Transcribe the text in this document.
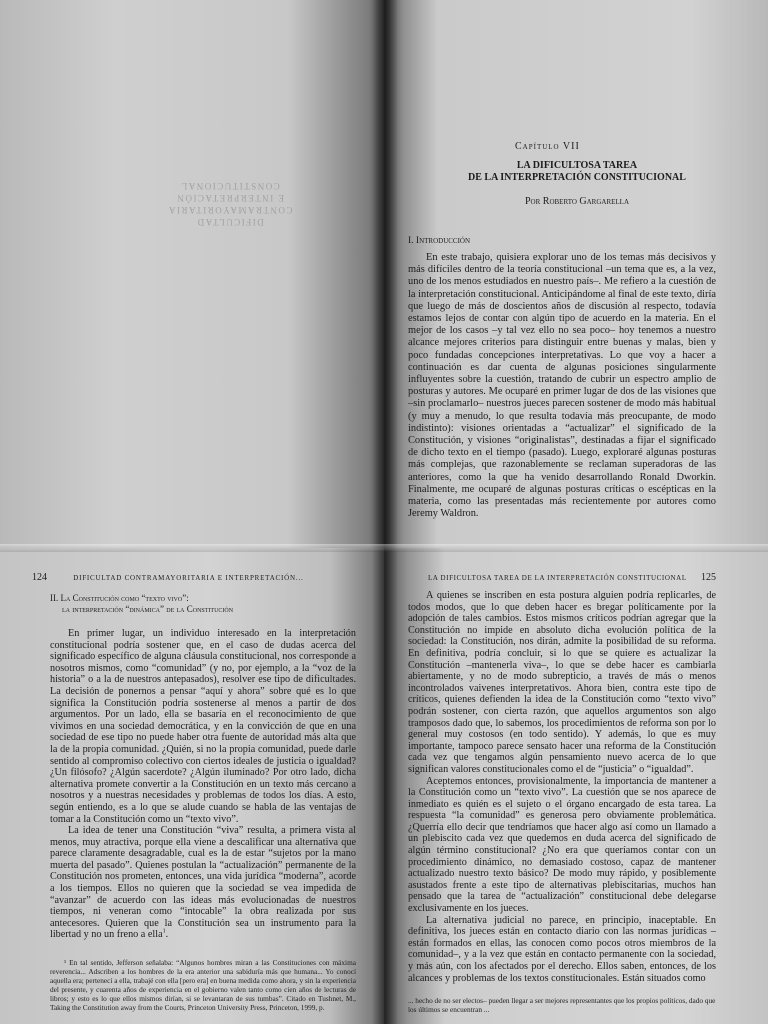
DIFICULTAD
CONTRAMAYORITARIA
E INTERPRETACIÓN CONSTITUCIONAL
Capítulo VII
LA DIFICULTOSA TAREA
DE LA INTERPRETACIÓN CONSTITUCIONAL
Por Roberto Gargarella
I. Introducción

En este trabajo, quisiera explorar uno de los temas más decisivos y más difíciles dentro de la teoría constitucional –un tema que es, a la vez, uno de los menos estudiados en nuestro país–. Me refiero a la cuestión de la interpretación constitucional. Anticipándome al final de este texto, diría que luego de más de doscientos años de discusión al respecto, todavía estamos lejos de contar con algún tipo de acuerdo en la materia. En el mejor de los casos –y tal vez ello no sea poco– hoy tenemos a nuestro alcance mejores criterios para distinguir entre buenas y malas, bien y poco fundadas concepciones interpretativas. Lo que voy a hacer a continuación es dar cuenta de algunas posiciones singularmente influyentes sobre la cuestión, tratando de cubrir un espectro amplio de posturas y autores. Me ocuparé en primer lugar de dos de las visiones que –sin proclamarlo– nuestros jueces parecen sostener de modo más habitual (y muy a menudo, lo que resulta todavía más preocupante, de modo indistinto): visiones orientadas a “actualizar” el significado de la Constitución, y visiones “originalistas”, destinadas a fijar el significado de dicho texto en el tiempo (pasado). Luego, exploraré algunas posturas más complejas, que razonablemente se reclaman superadoras de las anteriores, como la que ha venido desarrollando Ronald Dworkin. Finalmente, me ocuparé de algunas posturas críticas o escépticas en la materia, como las presentadas más recientemente por autores como Jeremy Waldron.

124	DIFICULTAD CONTRAMAYORITARIA E INTERPRETACIÓN...
II. La Constitución como “texto vivo”:
la interpretación “dinámica” de la Constitución

En primer lugar, un individuo interesado en la interpretación constitucional podría sostener que, en el caso de dudas acerca del significado específico de alguna cláusula constitucional, nos corresponde a nosotros mismos, como “comunidad” (y no, por ejemplo, a la “voz de la historia” o a la de nuestros antepasados), resolver ese tipo de dificultades. La decisión de ponernos a pensar “aquí y ahora” sobre qué es lo que significa la Constitución podría sostenerse al menos a partir de dos argumentos. Por un lado, ella se basaría en el reconocimiento de que vivimos en una sociedad democrática, y en la convicción de que en una sociedad de ese tipo no puede haber otra fuente de autoridad más alta que la de la propia comunidad. ¿Quién, si no la propia comunidad, puede darle sentido al compromiso colectivo con ciertos ideales de justicia o igualdad? ¿Un filósofo? ¿Algún sacerdote? ¿Algún iluminado? Por otro lado, dicha alternativa promete convertir a la Constitución en un texto más cercano a nosotros y a nuestras necesidades y problemas de todos los días. A esto, según entiendo, es a lo que se alude cuando se habla de las ventajas de tomar a la Constitución como un “texto vivo”.

La idea de tener una Constitución “viva” resulta, a primera vista al menos, muy atractiva, porque ella viene a descalificar una alternativa que parece claramente desagradable, cual es la de estar “sujetos por la mano muerta del pasado”. Quienes postulan la “actualización” permanente de la Constitución nos prometen, entonces, una vida jurídica “moderna”, acorde a los tiempos. Ellos no quieren que la sociedad se vea impedida de “avanzar” de acuerdo con las ideas más evolucionadas de nuestros tiempos, ni veneran como “intocable” la obra realizada por sus antecesores. Quieren que la Constitución sea un instrumento para la libertad y no un freno a ella$^1$.

¹ En tal sentido, Jefferson señalaba: “Algunos hombres miran a las Constituciones con máxima reverencia... Adscriben a los hombres de la era anterior una sabiduría más que humana... Yo conocí aquella era; pertenecí a ella, trabajé con ella [pero era] en buena medida como ahora, y sin la experiencia del presente, y cuarenta años de experiencia en el gobierno valen tanto como cien años de lecturas de libros; y esto es lo que ellos mismos dirían, si se levantaran de sus tumbas”. Citado en Tushnet, M., Taking the Constitution away from the Courts, Princeton University Press, Princeton, 1999, p.

LA DIFICULTOSA TAREA DE LA INTERPRETACIÓN CONSTITUCIONAL 125

A quienes se inscriben en esta postura alguien podría replicarles, de todos modos, que lo que deben hacer es bregar políticamente por la adopción de tales cambios. Estos mismos críticos podrían agregar que la Constitución no impide en absoluto dicha evolución política de la sociedad: la Constitución, nos dirán, admite la posibilidad de su reforma. En definitiva, podría concluir, si lo que se quiere es actualizar la Constitución –mantenerla viva–, lo que se debe hacer es cambiarla abiertamente, y no de modo subrepticio, a través de más o menos incontrolados vaivenes interpretativos. Ahora bien, contra este tipo de críticos, quienes defienden la idea de la Constitución como “texto vivo” podrán sostener, con cierta razón, que aquellos argumentos son algo tramposos dado que, lo sabemos, los procedimientos de reforma son por lo general muy costosos (en todo sentido). Y además, lo que es muy importante, tampoco parece sensato hacer una reforma de la Constitución cada vez que tengamos algún pensamiento nuevo acerca de lo que significan valores constitucionales como el de “justicia” o “igualdad”.

Aceptemos entonces, provisionalmente, la importancia de mantener a la Constitución como un “texto vivo”. La cuestión que se nos aparece de inmediato es quién es el sujeto o el órgano encargado de esta tarea. La respuesta “la comunidad” es generosa pero obviamente problemática. ¿Querría ello decir que tendríamos que hacer algo así como un llamado a un plebiscito cada vez que quedemos en duda acerca del significado de algún término constitucional? ¿No era que queríamos contar con un procedimiento dinámico, no demasiado costoso, capaz de mantener actualizado nuestro texto básico? De modo muy rápido, y posiblemente asustados frente a este tipo de alternativas plebiscitarias, muchos han pensado que la tarea de “actualización” constitucional debe delegarse exclusivamente en los jueces.

La alternativa judicial no parece, en principio, inaceptable. En definitiva, los jueces están en contacto diario con las normas jurídicas –están formados en ellas, las conocen como pocos otros miembros de la comunidad–, y a la vez que están en contacto permanente con la sociedad, y más aún, con los afectados por el derecho. Ellos saben, entonces, de los alcances y problemas de los textos constitucionales. Están situados como

... hecho de no ser electos– pueden llegar a ser mejores representantes que los propios políticos, dado que los últimos se encuentran ...
